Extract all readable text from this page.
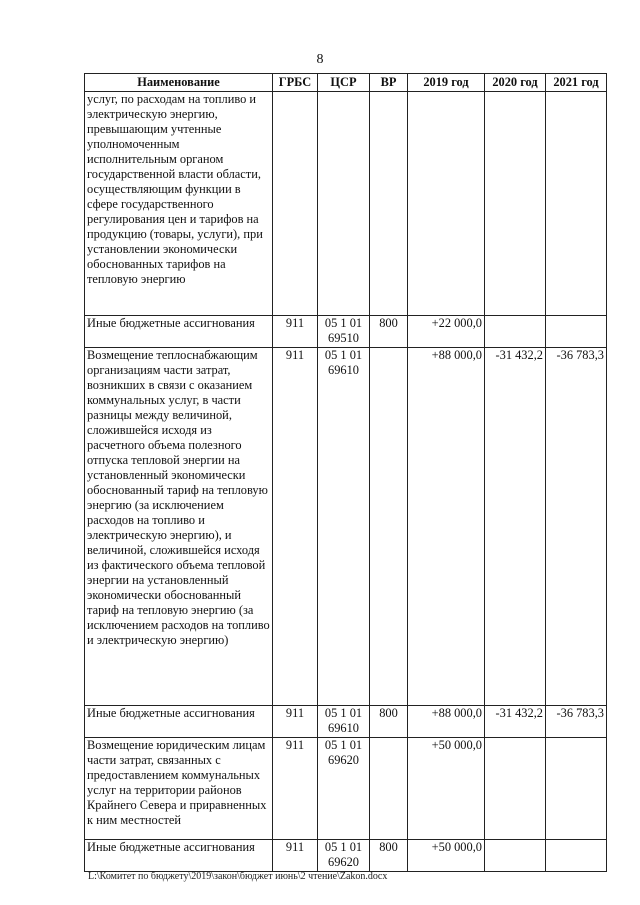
8
Наименование	ГРБС	ЦСР	ВР	2019 год	2020 год	2021 год
услуг, по расходам на топливо и электрическую энергию, превышающим учтенные уполномоченным исполнительным органом государственной власти области, осуществляющим функции в сфере государственного регулирования цен и тарифов на продукцию (товары, услуги), при установлении экономически обоснованных тарифов на тепловую энергию						
Иные бюджетные ассигнования	911	05 1 01 69510	800	+22 000,0		
Возмещение теплоснабжающим организациям части затрат, возникших в связи с оказанием коммунальных услуг, в части разницы между величиной, сложившейся исходя из расчетного объема полезного отпуска тепловой энергии на установленный экономически обоснованный тариф на тепловую энергию (за исключением расходов на топливо и электрическую энергию), и величиной, сложившейся исходя из фактического объема тепловой энергии на установленный экономически обоснованный тариф на тепловую энергию (за исключением расходов на топливо и электрическую энергию)	911	05 1 01 69610		+88 000,0	-31 432,2	-36 783,3
Иные бюджетные ассигнования	911	05 1 01 69610	800	+88 000,0	-31 432,2	-36 783,3
Возмещение юридическим лицам части затрат, связанных с предоставлением коммунальных услуг на территории районов Крайнего Севера и приравненных к ним местностей	911	05 1 01 69620		+50 000,0		
Иные бюджетные ассигнования	911	05 1 01 69620	800	+50 000,0		
L:\Комитет по бюджету\2019\закон\бюджет июнь\2 чтение\Zakon.docx
